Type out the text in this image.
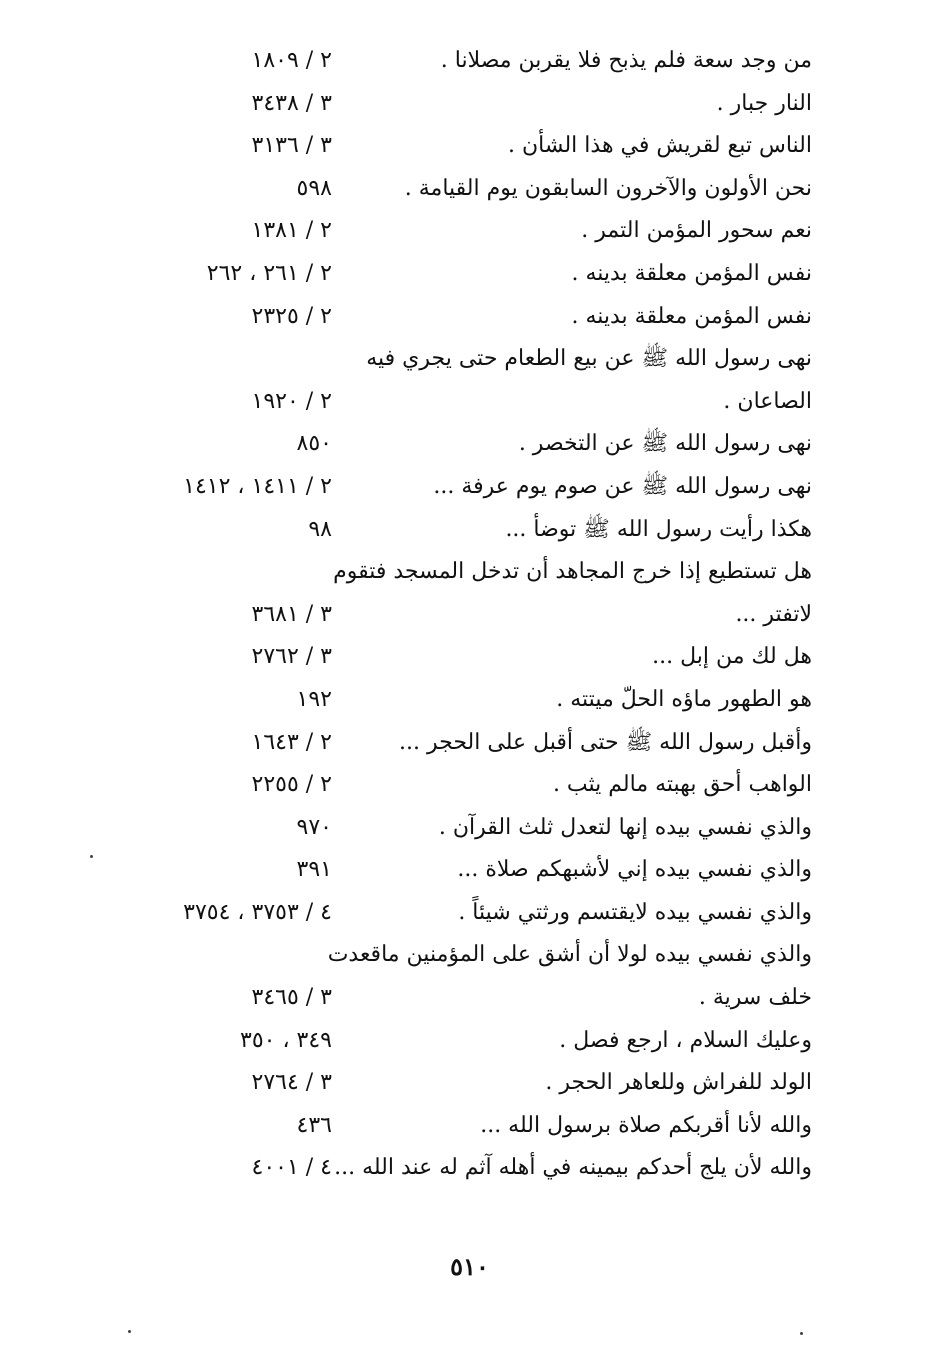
من وجد سعة فلم يذبح فلا يقربن مصلانا .
٢ / ١٨٠٩
النار جبار .
٣ / ٣٤٣٨
الناس تبع لقريش في هذا الشأن .
٣ / ٣١٣٦
نحن الأولون والآخرون السابقون يوم القيامة .
٥٩٨
نعم سحور المؤمن التمر .
٢ / ١٣٨١
نفس المؤمن معلقة بدينه .
٢ / ٢٦١ ، ٢٦٢
نفس المؤمن معلقة بدينه .
٢ / ٢٣٢٥
نهى رسول الله ﷺ عن بيع الطعام حتى يجري فيه
الصاعان .
٢ / ١٩٢٠
نهى رسول الله ﷺ عن التخصر .
٨٥٠
نهى رسول الله ﷺ عن صوم يوم عرفة ...
٢ / ١٤١١ ، ١٤١٢
هكذا رأيت رسول الله ﷺ توضأ ...
٩٨
هل تستطيع إذا خرج المجاهد أن تدخل المسجد فتقوم
لاتفتر ...
٣ / ٣٦٨١
هل لك من إبل ...
٣ / ٢٧٦٢
هو الطهور ماؤه الحلّ ميتته .
١٩٢
وأقبل رسول الله ﷺ حتى أقبل على الحجر ...
٢ / ١٦٤٣
الواهب أحق بهبته مالم يثب .
٢ / ٢٢٥٥
والذي نفسي بيده إنها لتعدل ثلث القرآن .
٩٧٠
والذي نفسي بيده إني لأشبهكم صلاة ...
٣٩١
والذي نفسي بيده لايقتسم ورثتي شيئاً .
٤ / ٣٧٥٣ ، ٣٧٥٤
والذي نفسي بيده لولا أن أشق على المؤمنين ماقعدت
خلف سرية .
٣ / ٣٤٦٥
وعليك السلام ، ارجع فصل .
٣٤٩ ، ٣٥٠
الولد للفراش وللعاهر الحجر .
٣ / ٢٧٦٤
والله لأنا أقربكم صلاة برسول الله ...
٤٣٦
والله لأن يلج أحدكم بيمينه في أهله آثم له عند الله ...
٤ / ٤٠٠١
٥١٠
